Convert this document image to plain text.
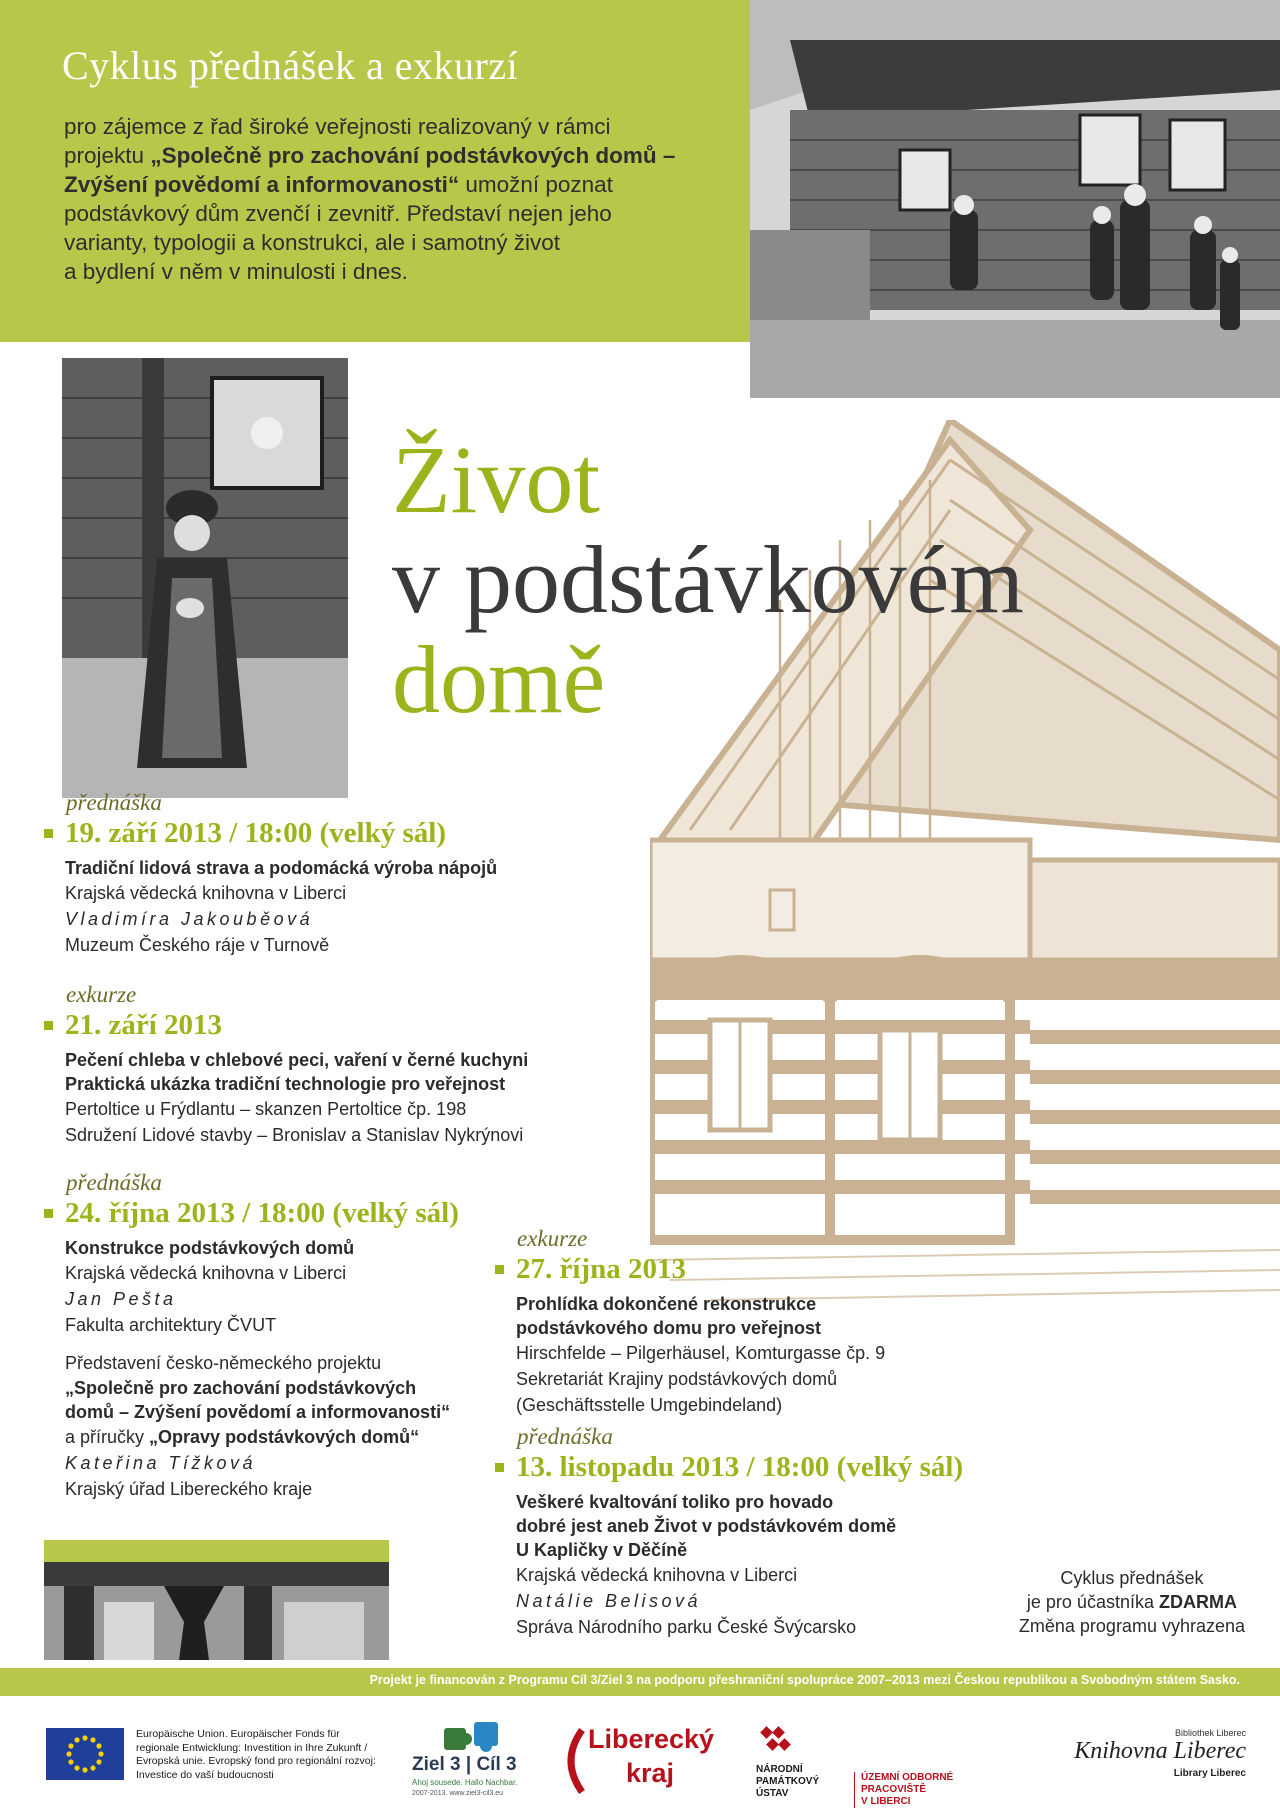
Cyklus přednášek a exkurzí
pro zájemce z řad široké veřejnosti realizovaný v rámci
projektu „Společně pro zachování podstávkových domů –
Zvýšení povědomí a informovanosti“ umožní poznat
podstávkový dům zvenčí i zevnitř. Představí nejen jeho
varianty, typologii a konstrukci, ale i samotný život
a bydlení v něm v minulosti i dnes.
Život
v podstávkovém
domě
přednáška
19. září 2013 / 18:00 (velký sál)
Tradiční lidová strava a podomácká výroba nápojů
Krajská vědecká knihovna v Liberci
Vladimíra Jakouběová
Muzeum Českého ráje v Turnově
exkurze
21. září 2013
Pečení chleba v chlebové peci, vaření v černé kuchyni
Praktická ukázka tradiční technologie pro veřejnost
Pertoltice u Frýdlantu – skanzen Pertoltice čp. 198
Sdružení Lidové stavby – Bronislav a Stanislav Nykrýnovi
přednáška
24. října 2013 / 18:00 (velký sál)
Konstrukce podstávkových domů
Krajská vědecká knihovna v Liberci
Jan Pešta
Fakulta architektury ČVUT
Představení česko-německého projektu
„Společně pro zachování podstávkových
domů – Zvýšení povědomí a informovanosti“
a příručky „Opravy podstávkových domů“
Kateřina Tížková
Krajský úřad Libereckého kraje
exkurze
27. října 2013
Prohlídka dokončené rekonstrukce
podstávkového domu pro veřejnost
Hirschfelde – Pilgerhäusel, Komturgasse čp. 9
Sekretariát Krajiny podstávkových domů
(Geschäftsstelle Umgebindeland)
přednáška
13. listopadu 2013 / 18:00 (velký sál)
Veškeré kvaltování toliko pro hovado
dobré jest aneb Život v podstávkovém domě
U Kapličky v Děčíně
Krajská vědecká knihovna v Liberci
Natálie Belisová
Správa Národního parku České Švýcarsko
Cyklus přednášek
je pro účastníka ZDARMA
Změna programu vyhrazena
Projekt je financován z Programu Cíl 3/Ziel 3 na podporu přeshraniční spolupráce 2007–2013 mezi Českou republikou a Svobodným státem Sasko.
Europäische Union. Europäischer Fonds für regionale Entwicklung: Investition in Ihre Zukunft / Evropská unie. Evropský fond pro regionální rozvoj: Investice do vaší budoucnosti	Ziel 3 | Cíl 3
Ahoj sousede. Hallo Nachbar.
2007-2013. www.ziel3-cil3.eu
Liberecký
kraj	NÁRODNÍ
PAMÁTKOVÝ
ÚSTAV
ÚZEMNÍ ODBORNÉ PRACOVIŠTĚ
V LIBERCI
Bibliothek Liberec
Knihovna Liberec
Library Liberec
